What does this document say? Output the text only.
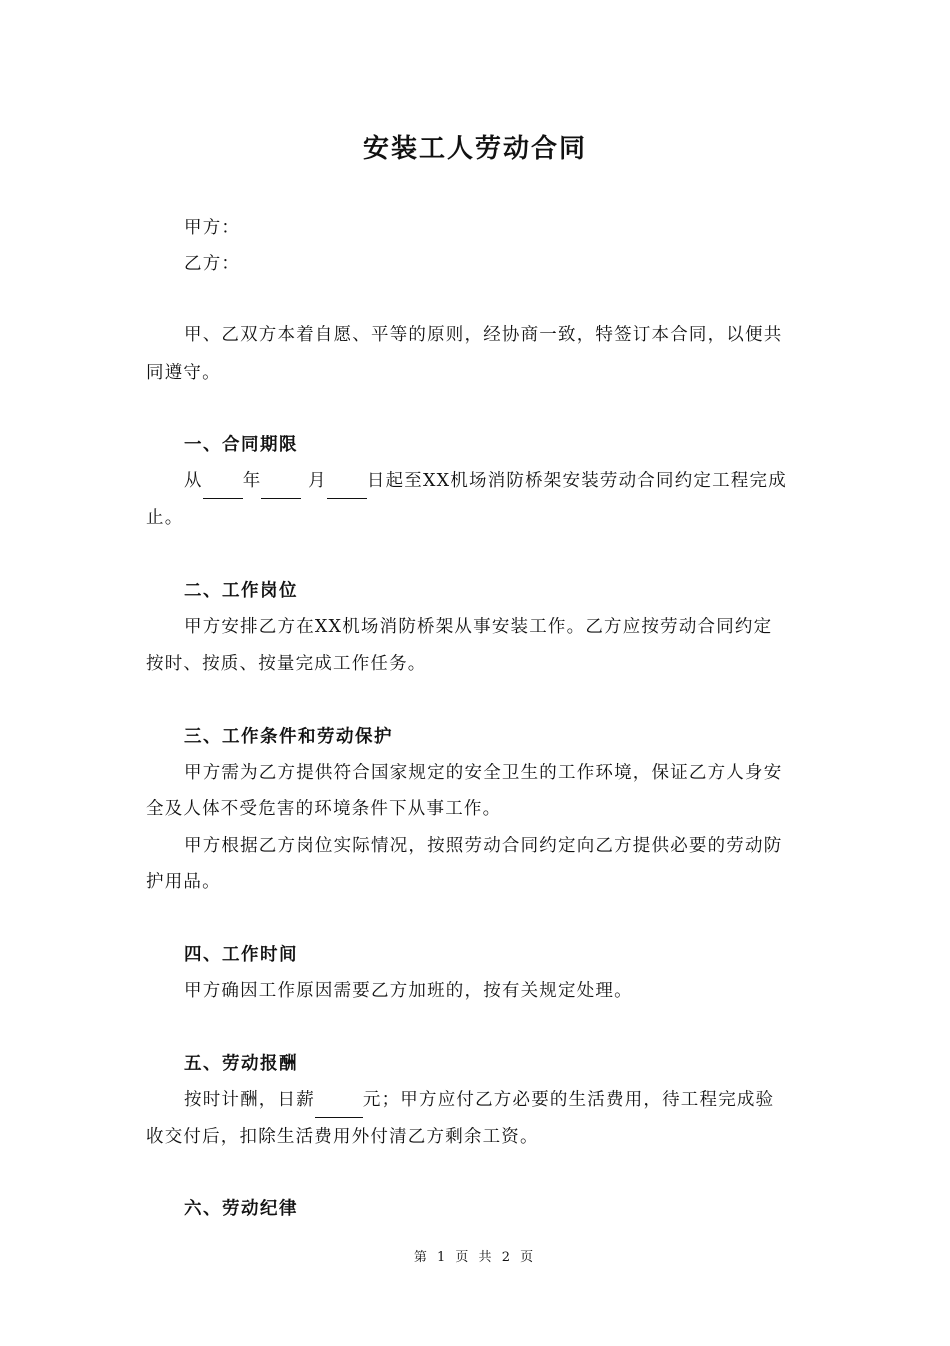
安装工人劳动合同

甲方：

乙方：

甲、乙双方本着自愿、平等的原则，经协商一致，特签订本合同，以便共

同遵守。

一、合同期限

从 年 月 日起至XX机场消防桥架安装劳动合同约定工程完成

止。

二、工作岗位

甲方安排乙方在XX机场消防桥架从事安装工作。乙方应按劳动合同约定

按时、按质、按量完成工作任务。

三、工作条件和劳动保护

甲方需为乙方提供符合国家规定的安全卫生的工作环境，保证乙方人身安

全及人体不受危害的环境条件下从事工作。

甲方根据乙方岗位实际情况，按照劳动合同约定向乙方提供必要的劳动防

护用品。

四、工作时间

甲方确因工作原因需要乙方加班的，按有关规定处理。

五、劳动报酬

按时计酬，日薪	元；甲方应付乙方必要的生活费用，待工程完成验

收交付后，扣除生活费用外付清乙方剩余工资。

六、劳动纪律

第 1 页 共 2 页
